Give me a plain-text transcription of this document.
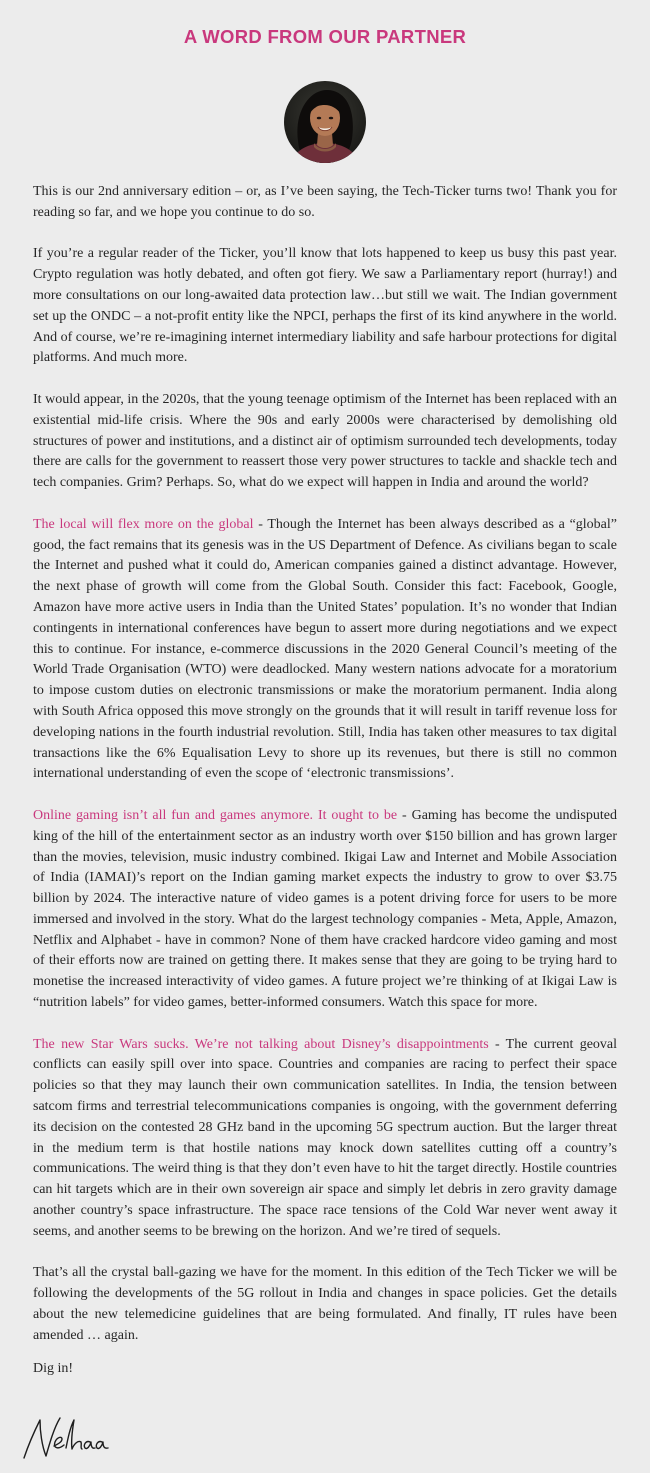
A WORD FROM OUR PARTNER

This is our 2nd anniversary edition – or, as I’ve been saying, the Tech-Ticker turns two! Thank you for reading so far, and we hope you continue to do so.

If you’re a regular reader of the Ticker, you’ll know that lots happened to keep us busy this past year. Crypto regulation was hotly debated, and often got fiery. We saw a Parliamentary report (hurray!) and more consultations on our long-awaited data protection law…but still we wait. The Indian government set up the ONDC – a not-profit entity like the NPCI, perhaps the first of its kind anywhere in the world. And of course, we’re re-imagining internet intermediary liability and safe harbour protections for digital platforms. And much more.

It would appear, in the 2020s, that the young teenage optimism of the Internet has been replaced with an existential mid-life crisis. Where the 90s and early 2000s were characterised by demolishing old structures of power and institutions, and a distinct air of optimism surrounded tech developments, today there are calls for the government to reassert those very power structures to tackle and shackle tech and tech companies. Grim? Perhaps. So, what do we expect will happen in India and around the world?

The local will flex more on the global - Though the Internet has been always described as a “global” good, the fact remains that its genesis was in the US Department of Defence. As civilians began to scale the Internet and pushed what it could do, American companies gained a distinct advantage. However, the next phase of growth will come from the Global South. Consider this fact: Facebook, Google, Amazon have more active users in India than the United States’ population. It’s no wonder that Indian contingents in international conferences have begun to assert more during negotiations and we expect this to continue. For instance, e-commerce discussions in the 2020 General Council’s meeting of the World Trade Organisation (WTO) were deadlocked. Many western nations advocate for a moratorium to impose custom duties on electronic transmissions or make the moratorium permanent. India along with South Africa opposed this move strongly on the grounds that it will result in tariff revenue loss for developing nations in the fourth industrial revolution. Still, India has taken other measures to tax digital transactions like the 6% Equalisation Levy to shore up its revenues, but there is still no common international understanding of even the scope of ‘electronic transmissions’.

Online gaming isn’t all fun and games anymore. It ought to be - Gaming has become the undisputed king of the hill of the entertainment sector as an industry worth over $150 billion and has grown larger than the movies, television, music industry combined. Ikigai Law and Internet and Mobile Association of India (IAMAI)’s report on the Indian gaming market expects the industry to grow to over $3.75 billion by 2024. The interactive nature of video games is a potent driving force for users to be more immersed and involved in the story. What do the largest technology companies - Meta, Apple, Amazon, Netflix and Alphabet - have in common? None of them have cracked hardcore video gaming and most of their efforts now are trained on getting there. It makes sense that they are going to be trying hard to monetise the increased interactivity of video games. A future project we’re thinking of at Ikigai Law is “nutrition labels” for video games, better-informed consumers. Watch this space for more.

The new Star Wars sucks. We’re not talking about Disney’s disappointments - The current geoval conflicts can easily spill over into space. Countries and companies are racing to perfect their space policies so that they may launch their own communication satellites. In India, the tension between satcom firms and terrestrial telecommunications companies is ongoing, with the government deferring its decision on the contested 28 GHz band in the upcoming 5G spectrum auction. But the larger threat in the medium term is that hostile nations may knock down satellites cutting off a country’s communications. The weird thing is that they don’t even have to hit the target directly. Hostile countries can hit targets which are in their own sovereign air space and simply let debris in zero gravity damage another country’s space infrastructure. The space race tensions of the Cold War never went away it seems, and another seems to be brewing on the horizon. And we’re tired of sequels.

That’s all the crystal ball-gazing we have for the moment. In this edition of the Tech Ticker we will be following the developments of the 5G rollout in India and changes in space policies. Get the details about the new telemedicine guidelines that are being formulated. And finally, IT rules have been amended … again.

Dig in!
